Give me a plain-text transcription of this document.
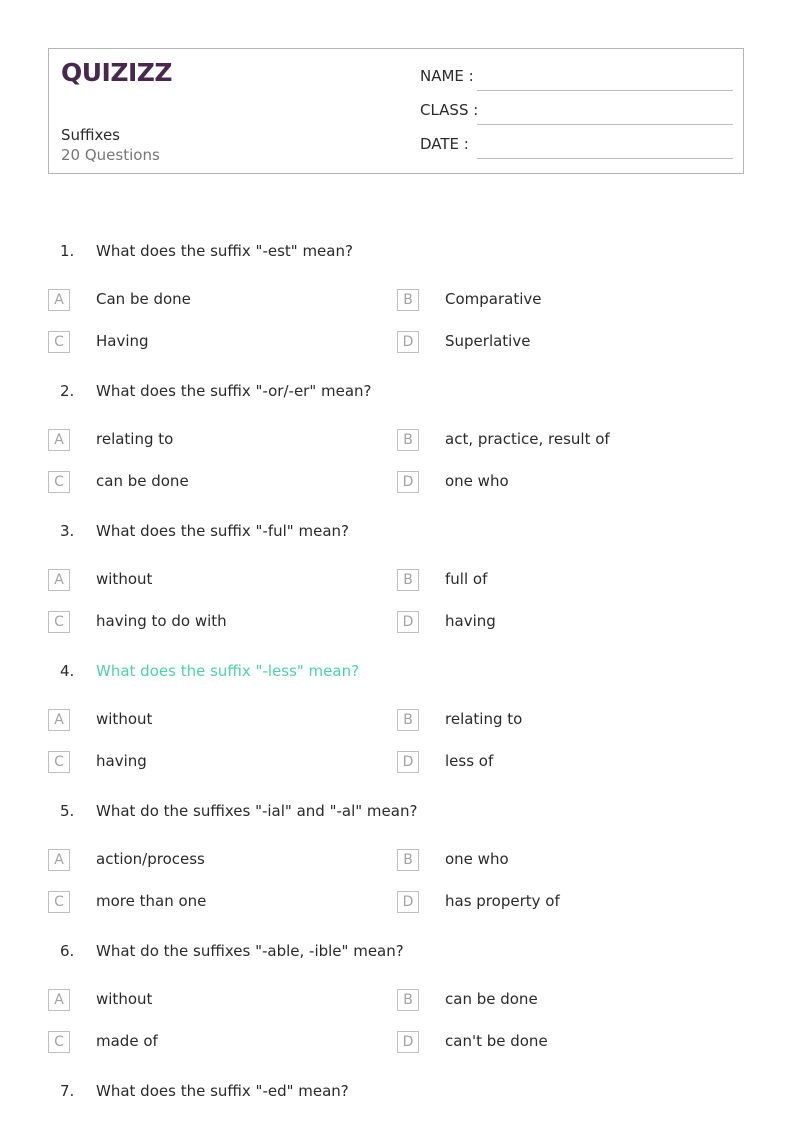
QUIZIZZ
Suffixes
20 Questions
NAME :
CLASS :
DATE :
1. What does the suffix "-est" mean?
A	Can be done	B	Comparative
C	Having	D	Superlative
2. What does the suffix "-or/-er" mean?
A	relating to	B	act, practice, result of
C	can be done	D	one who
3. What does the suffix "-ful" mean?
A	without	B	full of
C	having to do with	D	having
4. What does the suffix "-less" mean?
A	without	B	relating to
C	having	D	less of
5. What do the suffixes "-ial" and "-al" mean?
A	action/process	B	one who
C	more than one	D	has property of
6. What do the suffixes "-able, -ible" mean?
A	without	B	can be done
C	made of	D	can't be done
7. What does the suffix "-ed" mean?
